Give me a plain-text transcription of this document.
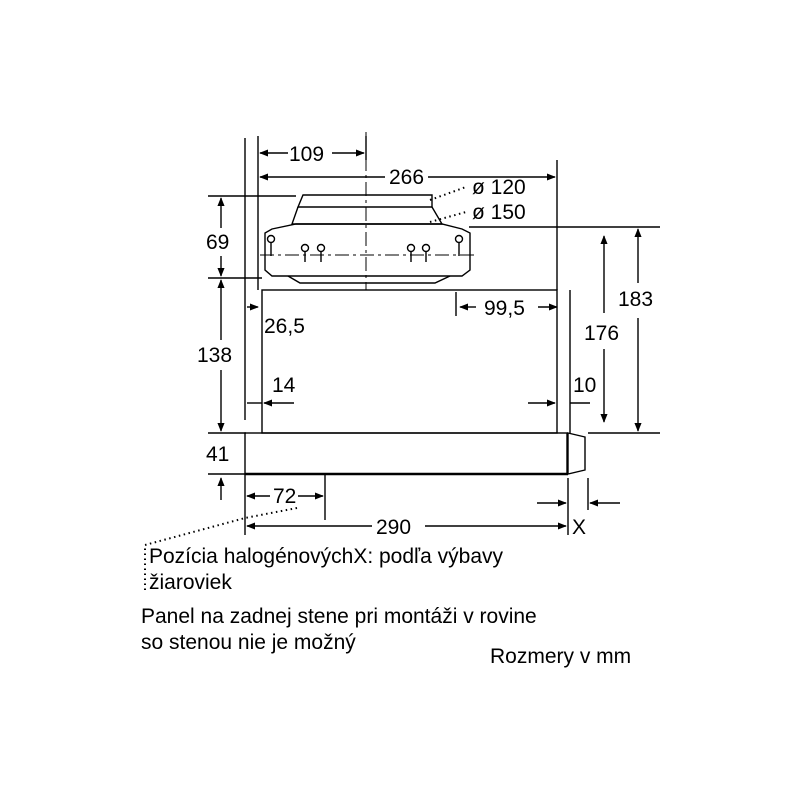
109
266 ø 120
ø 150
69
183
176
99,5
26,5
138
14	10
41
72
290	X
Pozícia halogénovýchX: podľa výbavy
žiaroviek
Panel na zadnej stene pri montáži v rovine
so stenou nie je možný
Rozmery v mm
